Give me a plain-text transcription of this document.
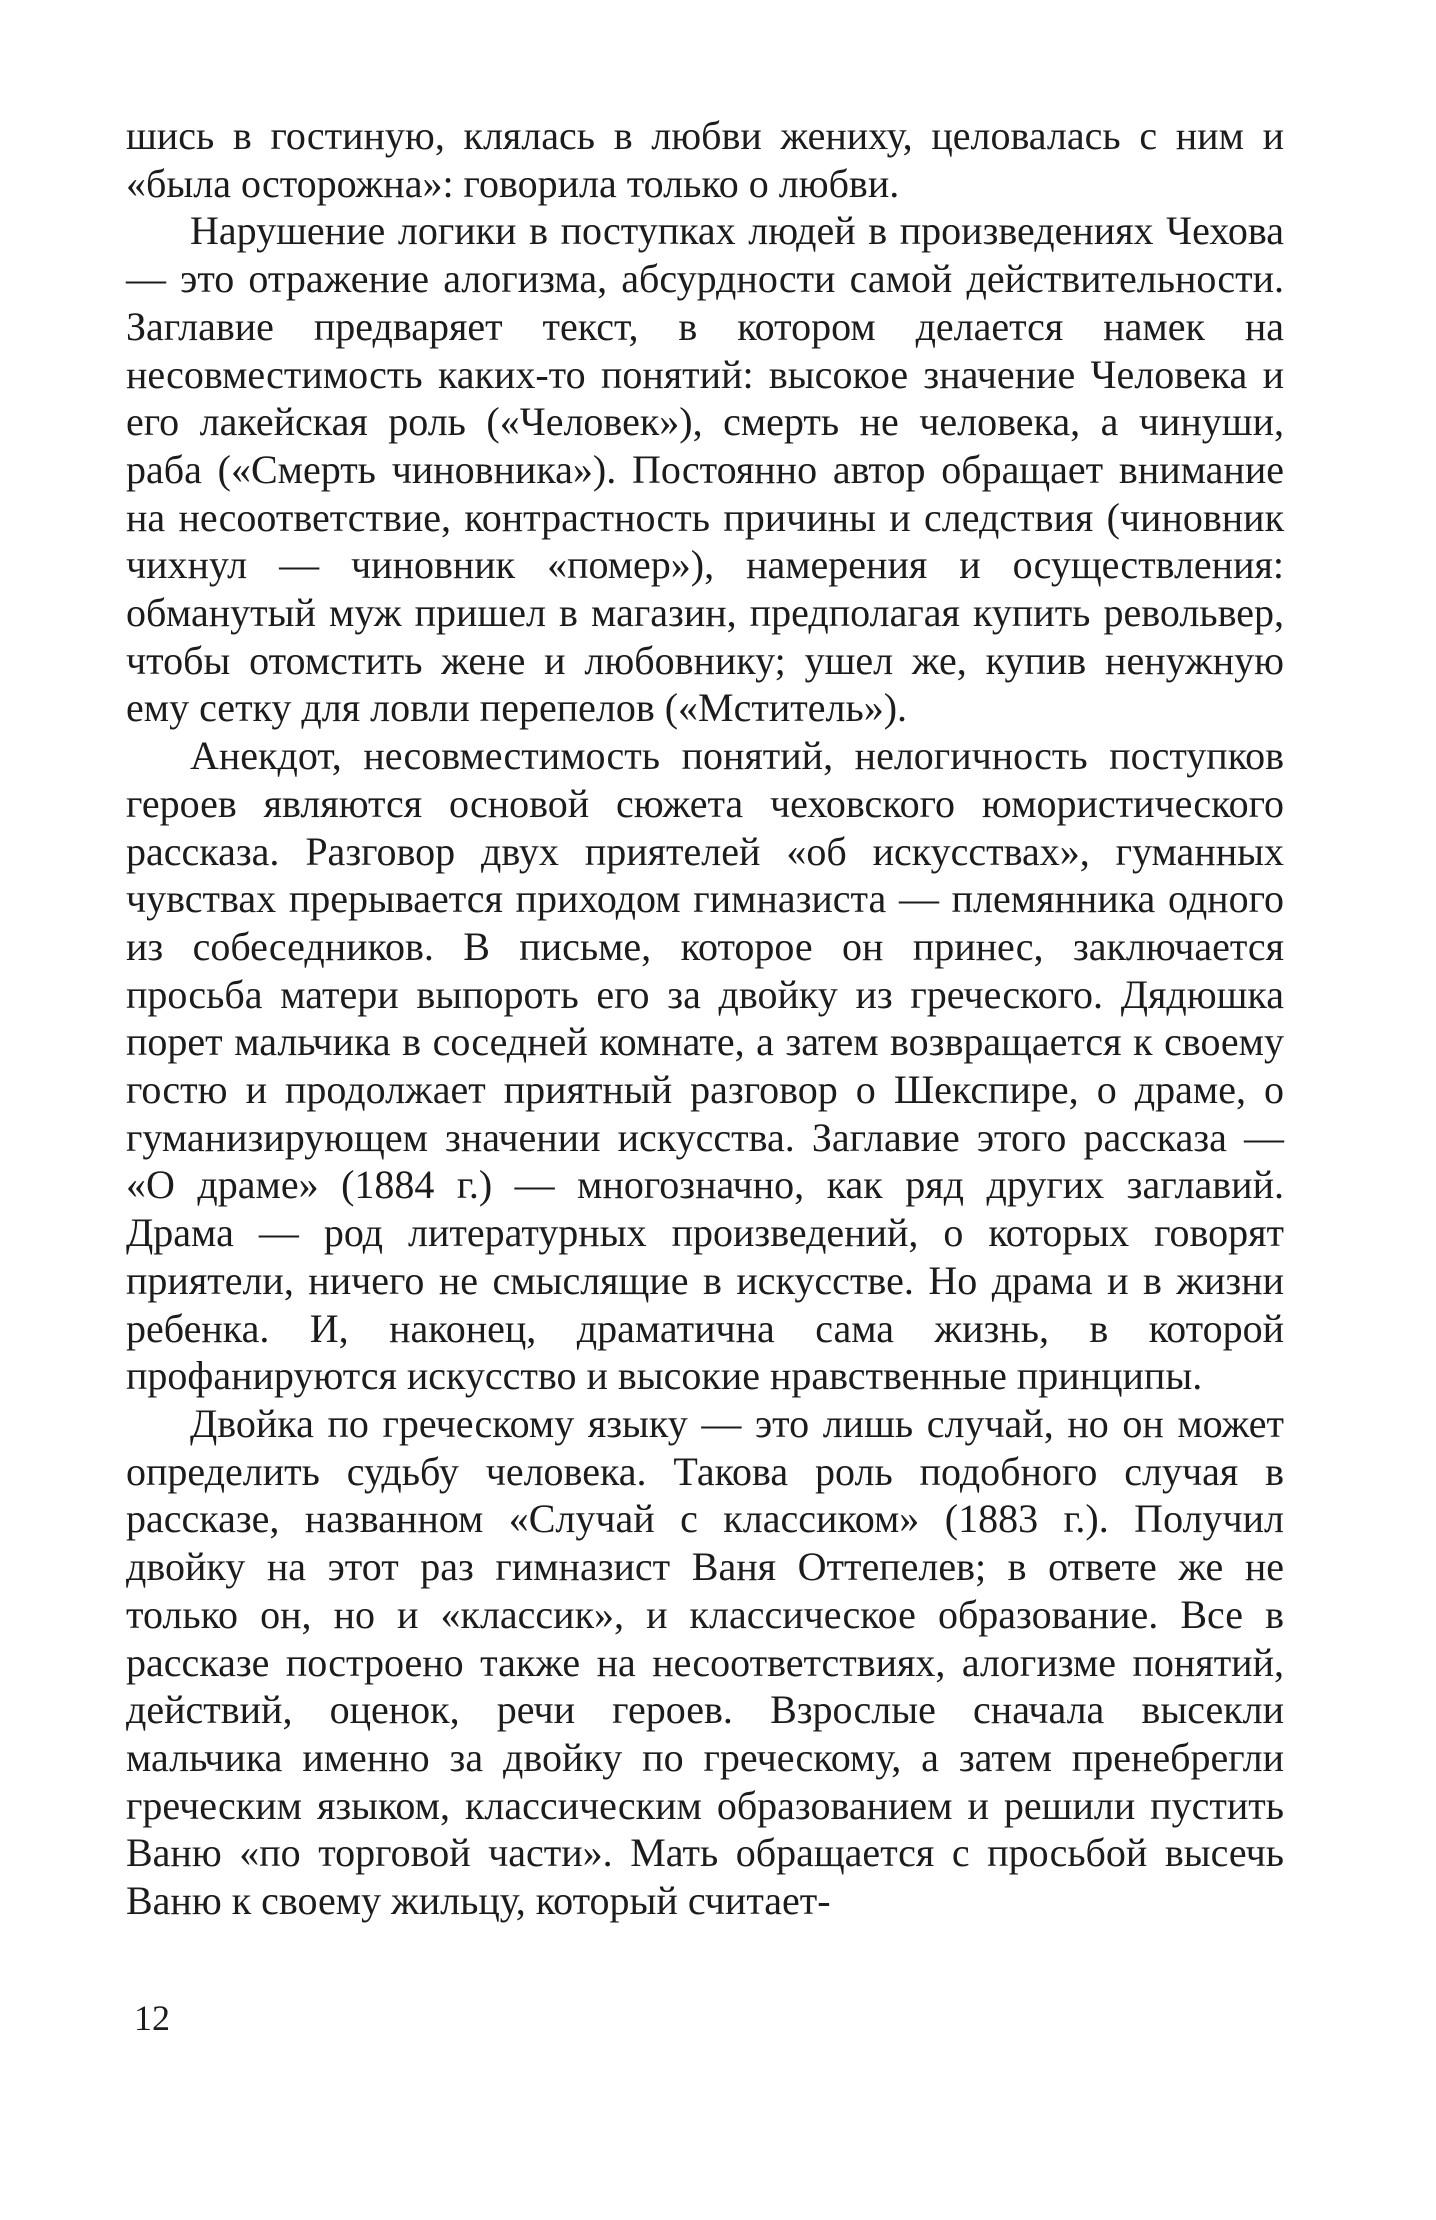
шись в гостиную, клялась в любви жениху, целовалась с ним и «была осторожна»: говорила только о любви.

Нарушение логики в поступках людей в произведениях Чехова — это отражение алогизма, абсурдности самой действительности. Заглавие предваряет текст, в котором делается намек на несовместимость каких-то понятий: высокое значение Человека и его лакейская роль («Человек»), смерть не человека, а чинуши, раба («Смерть чиновника»). Постоянно автор обращает внимание на несоответствие, контрастность причины и следствия (чиновник чихнул — чиновник «помер»), намерения и осуществления: обманутый муж пришел в магазин, предполагая купить револьвер, чтобы отомстить жене и любовнику; ушел же, купив ненужную ему сетку для ловли перепелов («Мститель»).

Анекдот, несовместимость понятий, нелогичность поступков героев являются основой сюжета чеховского юмористического рассказа. Разговор двух приятелей «об искусствах», гуманных чувствах прерывается приходом гимназиста — племянника одного из собеседников. В письме, которое он принес, заключается просьба матери выпороть его за двойку из греческого. Дядюшка порет мальчика в соседней комнате, а затем возвращается к своему гостю и продолжает приятный разговор о Шекспире, о драме, о гуманизирующем значении искусства. Заглавие этого рассказа — «О драме» (1884 г.) — многозначно, как ряд других заглавий. Драма — род литературных произведений, о которых говорят приятели, ничего не смыслящие в искусстве. Но драма и в жизни ребенка. И, наконец, драматична сама жизнь, в которой профанируются искусство и высокие нравственные принципы.

Двойка по греческому языку — это лишь случай, но он может определить судьбу человека. Такова роль подобного случая в рассказе, названном «Случай с классиком» (1883 г.). Получил двойку на этот раз гимназист Ваня Оттепелев; в ответе же не только он, но и «классик», и классическое образование. Все в рассказе построено также на несоответствиях, алогизме понятий, действий, оценок, речи героев. Взрослые сначала высекли мальчика именно за двойку по греческому, а затем пренебрегли греческим языком, классическим образованием и решили пустить Ваню «по торговой части». Мать обращается с просьбой высечь Ваню к своему жильцу, который считает-

12
